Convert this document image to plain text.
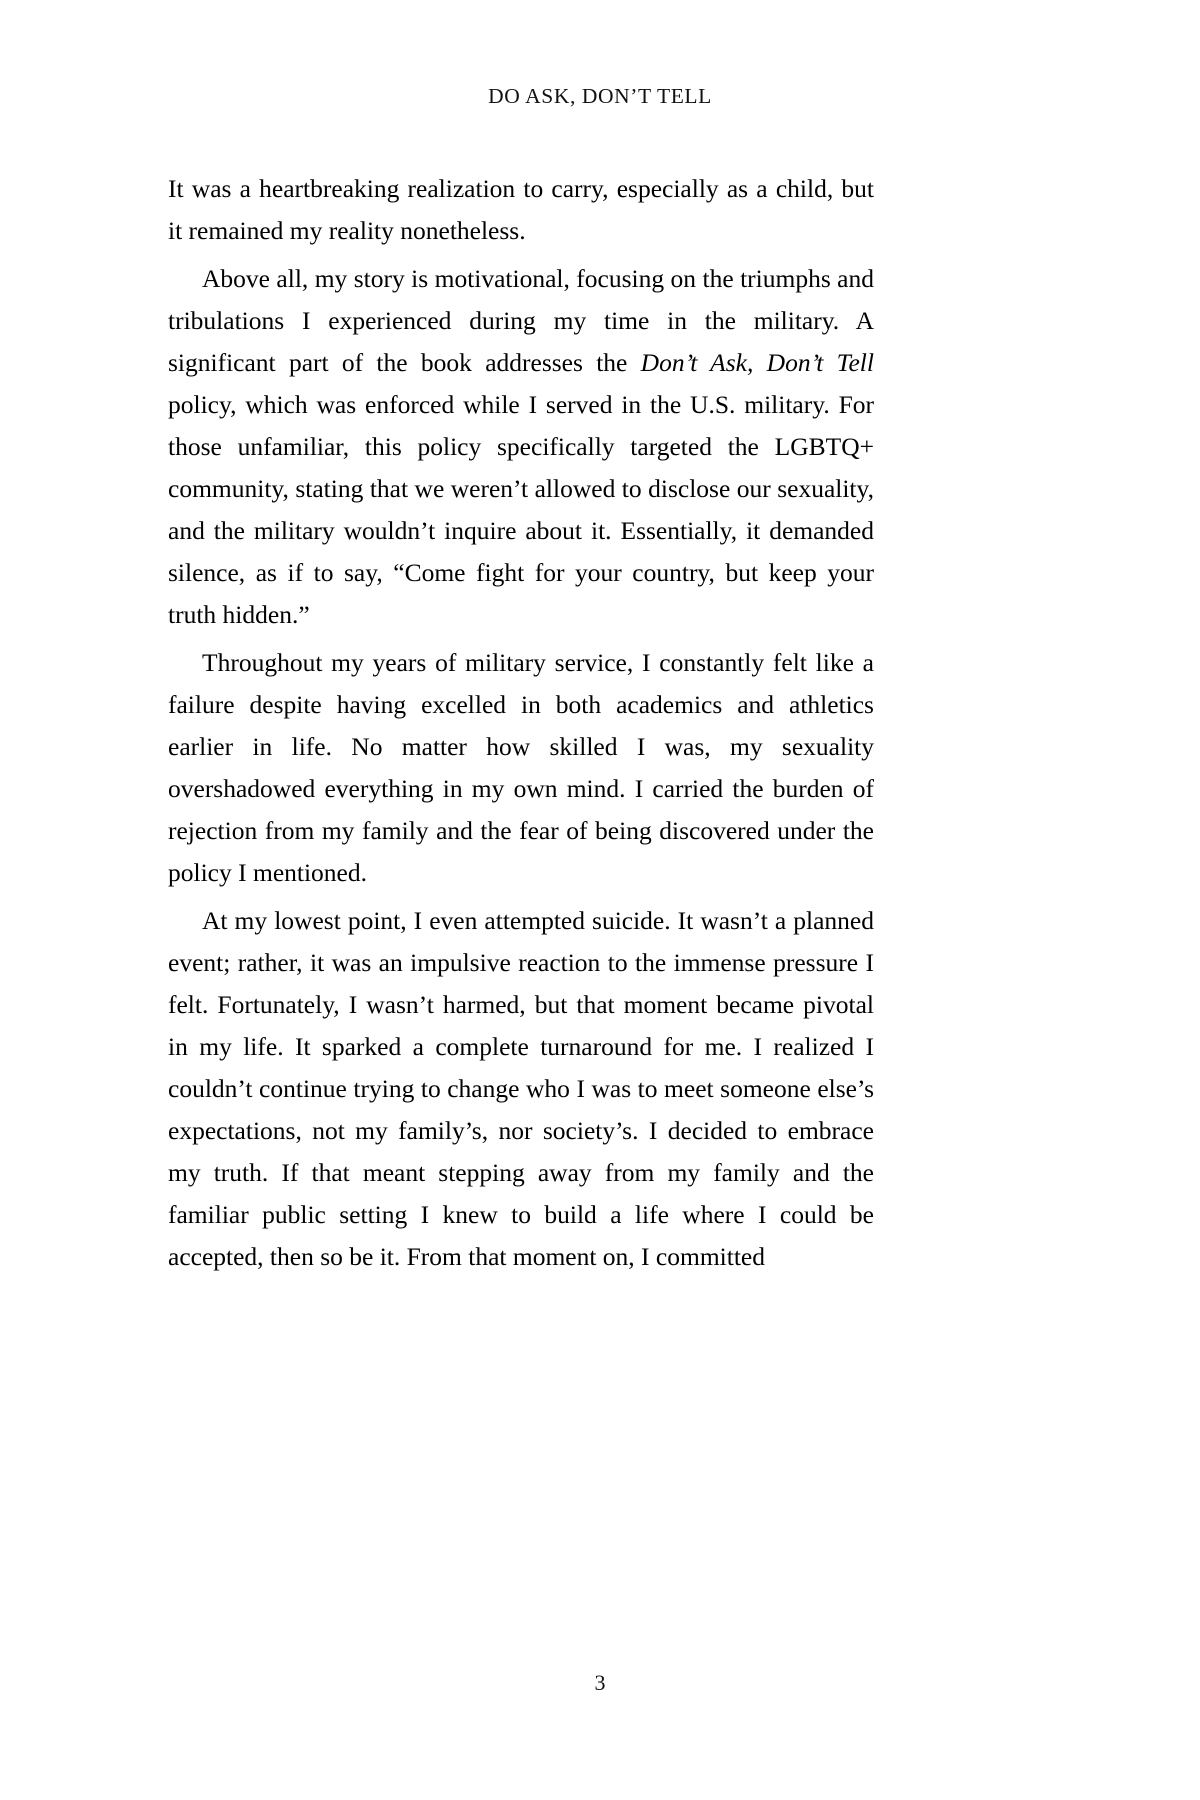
DO ASK, DON’T TELL

It was a heartbreaking realization to carry, especially as a child, but it remained my reality nonetheless.

Above all, my story is motivational, focusing on the triumphs and tribulations I experienced during my time in the military. A significant part of the book addresses the Don’t Ask, Don’t Tell policy, which was enforced while I served in the U.S. military. For those unfamiliar, this policy specifically targeted the LGBTQ+ community, stating that we weren’t allowed to disclose our sexuality, and the military wouldn’t inquire about it. Essentially, it demanded silence, as if to say, “Come fight for your country, but keep your truth hidden.”

Throughout my years of military service, I constantly felt like a failure despite having excelled in both academics and athletics earlier in life. No matter how skilled I was, my sexuality overshadowed everything in my own mind. I carried the burden of rejection from my family and the fear of being discovered under the policy I mentioned.

At my lowest point, I even attempted suicide. It wasn’t a planned event; rather, it was an impulsive reaction to the immense pressure I felt. Fortunately, I wasn’t harmed, but that moment became pivotal in my life. It sparked a complete turnaround for me. I realized I couldn’t continue trying to change who I was to meet someone else’s expectations, not my family’s, nor society’s. I decided to embrace my truth. If that meant stepping away from my family and the familiar public setting I knew to build a life where I could be accepted, then so be it. From that moment on, I committed

3
